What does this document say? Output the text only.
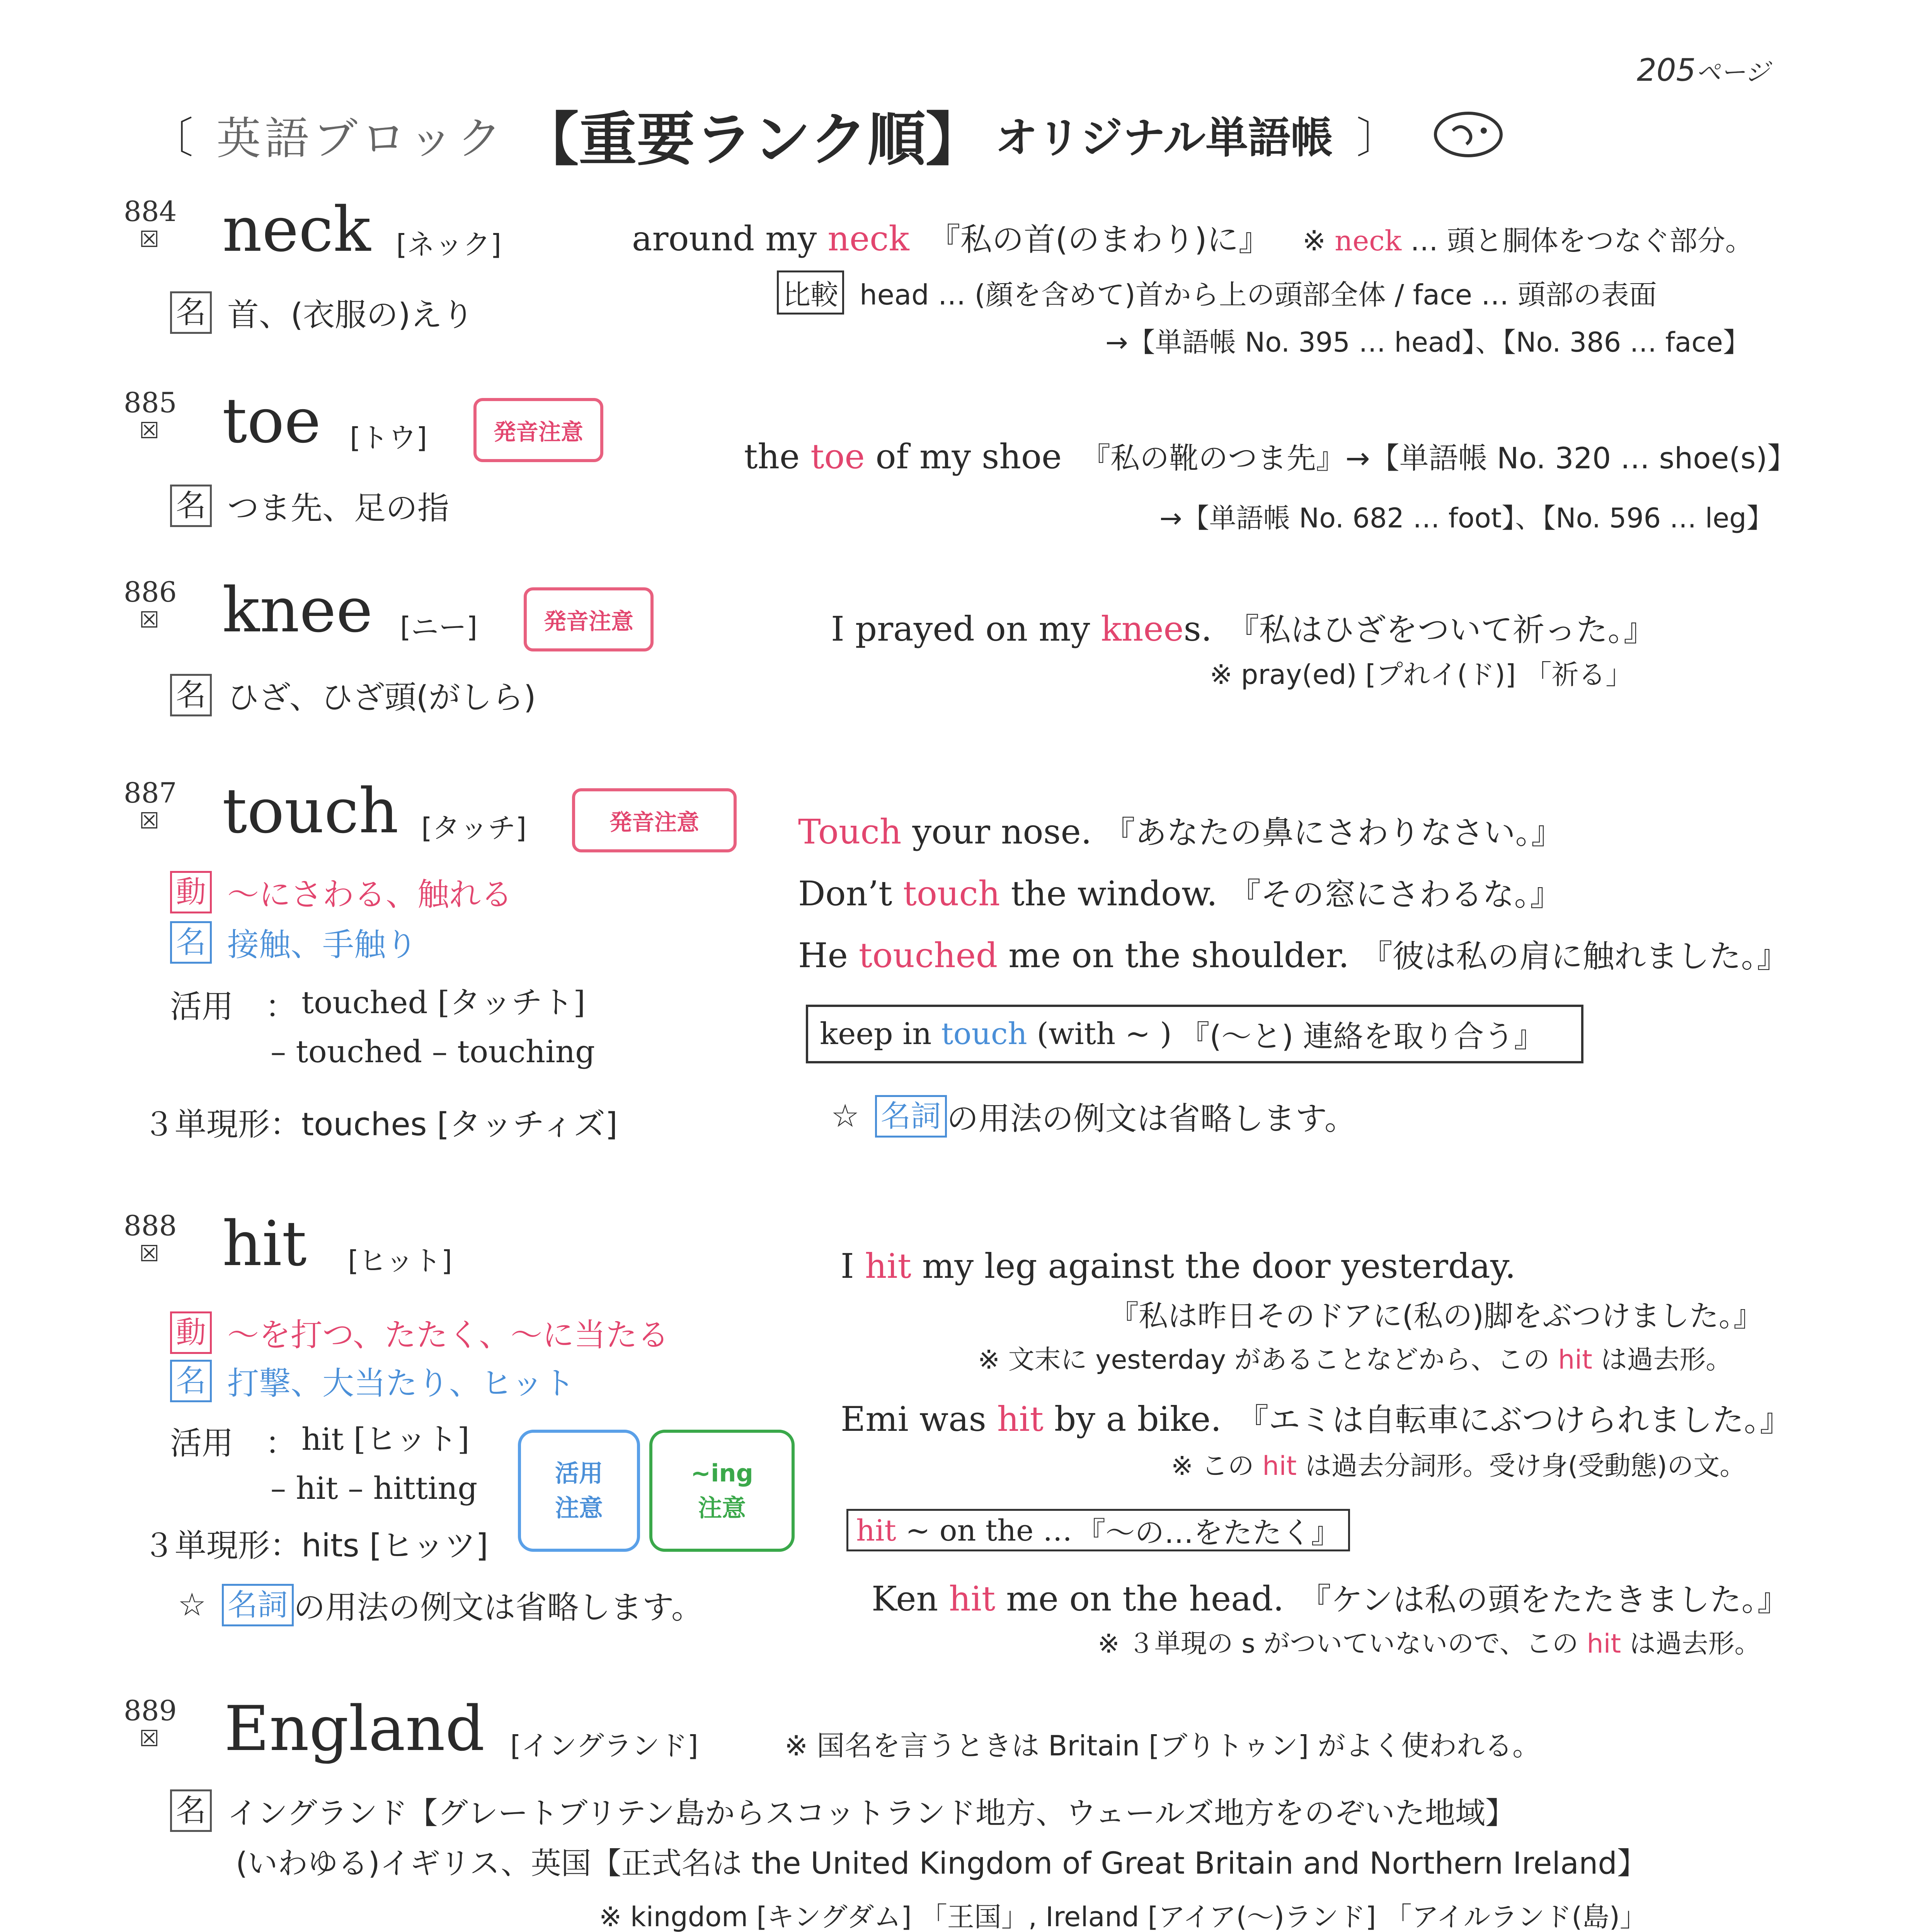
205ページ
〔 英語ブロック 【重要ランク順】 オリジナル単語帳 〕
884
☒ neck [ネック]
名 首、(衣服の)えり
around my neck 『私の首(のまわり)に』 ※ neck … 頭と胴体をつなぐ部分。
比較 head … (顔を含めて)首から上の頭部全体 / face … 頭部の表面
→【単語帳 No. 395 … head】、【No. 386 … face】
885
☒ toe [トウ]	発音注意
名 つま先、足の指
the toe of my shoe 『私の靴のつま先』→【単語帳 No. 320 … shoe(s)】
→【単語帳 No. 682 … foot】、【No. 596 … leg】
886
☒ knee [ニー]	発音注意
名 ひざ、ひざ頭(がしら)
I prayed on my knees. 『私はひざをついて祈った。』
※ pray(ed) [プれイ(ド)] 「祈る」
887
☒ touch [タッチ]	発音注意
動 ～にさわる、触れる
名 接触、手触り
活用　： touched [タッチト]
– touched – touching
３単現形：touches [タッチィズ]
Touch your nose. 『あなたの鼻にさわりなさい。』
Don’t touch the window. 『その窓にさわるな。』
He touched me on the shoulder. 『彼は私の肩に触れました。』
keep in touch (with ~ ) 『(～と) 連絡を取り合う』
☆ 名詞 の用法の例文は省略します。
888
☒ hit [ヒット]
動 ～を打つ、たたく、～に当たる
名 打撃、大当たり、ヒット
活用　： hit [ヒット]
– hit – hitting
３単現形：hits [ヒッツ]
活用
注意
~ing
注意
☆ 名詞 の用法の例文は省略します。
I hit my leg against the door yesterday.
『私は昨日そのドアに(私の)脚をぶつけました。』
※ 文末に yesterday があることなどから、この hit は過去形。
Emi was hit by a bike. 『エミは自転車にぶつけられました。』
※ この hit は過去分詞形。受け身(受動態)の文。
hit ~ on the … 『～の…をたたく』
Ken hit me on the head. 『ケンは私の頭をたたきました。』
※ ３単現の s がついていないので、この hit は過去形。
889
☒ England [イングランド]	※ 国名を言うときは Britain [ブりトゥン] がよく使われる。
名 イングランド【グレートブリテン島からスコットランド地方、ウェールズ地方をのぞいた地域】
(いわゆる)イギリス、英国【正式名は the United Kingdom of Great Britain and Northern Ireland】
※ kingdom [キングダム] 「王国」, Ireland [アイア(～)ランド] 「アイルランド(島)」
